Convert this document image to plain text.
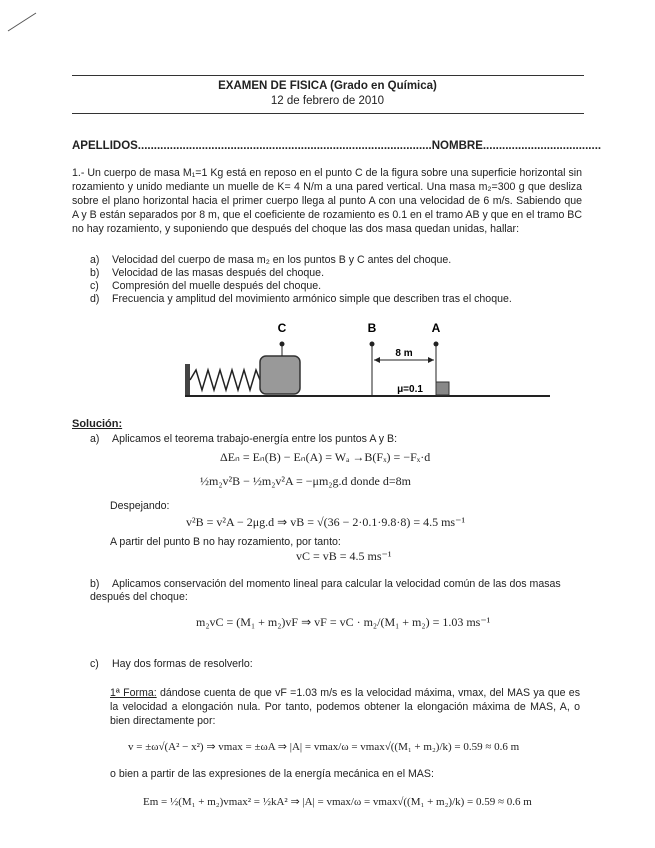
EXAMEN DE FISICA (Grado en Química)
12 de febrero de 2010
APELLIDOS............................................................................................NOMBRE.....................................
1.- Un cuerpo de masa M₁=1 Kg está en reposo en el punto C de la figura sobre una superficie horizontal sin rozamiento y unido mediante un muelle de K= 4 N/m a una pared vertical. Una masa m₂=300 g que desliza sobre el plano horizontal hacia el primer cuerpo llega al punto A con una velocidad de 6 m/s. Sabiendo que A y B están separados por 8 m, que el coeficiente de rozamiento es 0.1 en el tramo AB y que en el tramo BC no hay rozamiento, y suponiendo que después del choque las dos masa quedan unidas, hallar:
a) Velocidad del cuerpo de masa m₂ en los puntos B y C antes del choque.
b) Velocidad de las masas después del choque.
c) Compresión del muelle después del choque.
d) Frecuencia y amplitud del movimiento armónico simple que describen tras el choque.
C	B	A
8 m
μ=0.1
Solución:
a) Aplicamos el teorema trabajo-energía entre los puntos A y B:
ΔEₙ = Eₙ(B) − Eₙ(A) = Wₐ →B(Fₓ) = −Fₓ·d
½m₂v²B − ½m₂v²A = −μm₂g.d donde d=8m
Despejando:
v²B = v²A − 2μg.d ⇒ vB = √(36 − 2·0.1·9.8·8) = 4.5 ms⁻¹
A partir del punto B no hay rozamiento, por tanto:
vC = vB = 4.5 ms⁻¹
b) Aplicamos conservación del momento lineal para calcular la velocidad común de las dos masas después del choque:
m₂vC = (M₁ + m₂)vF ⇒ vF = vC · m₂/(M₁ + m₂) = 1.03 ms⁻¹
c) Hay dos formas de resolverlo:
1ª Forma: dándose cuenta de que vF =1.03 m/s es la velocidad máxima, vmax, del MAS ya que es la velocidad a elongación nula. Por tanto, podemos obtener la elongación máxima de MAS, A, o bien directamente por:
v = ±ω√(A² − x²) ⇒ vmax = ±ωA ⇒ |A| = vmax/ω = vmax√((M₁ + m₂)/k) = 0.59 ≈ 0.6 m
o bien a partir de las expresiones de la energía mecánica en el MAS:
Em = ½(M₁ + m₂)vmax² = ½kA² ⇒ |A| = vmax/ω = vmax√((M₁ + m₂)/k) = 0.59 ≈ 0.6 m
